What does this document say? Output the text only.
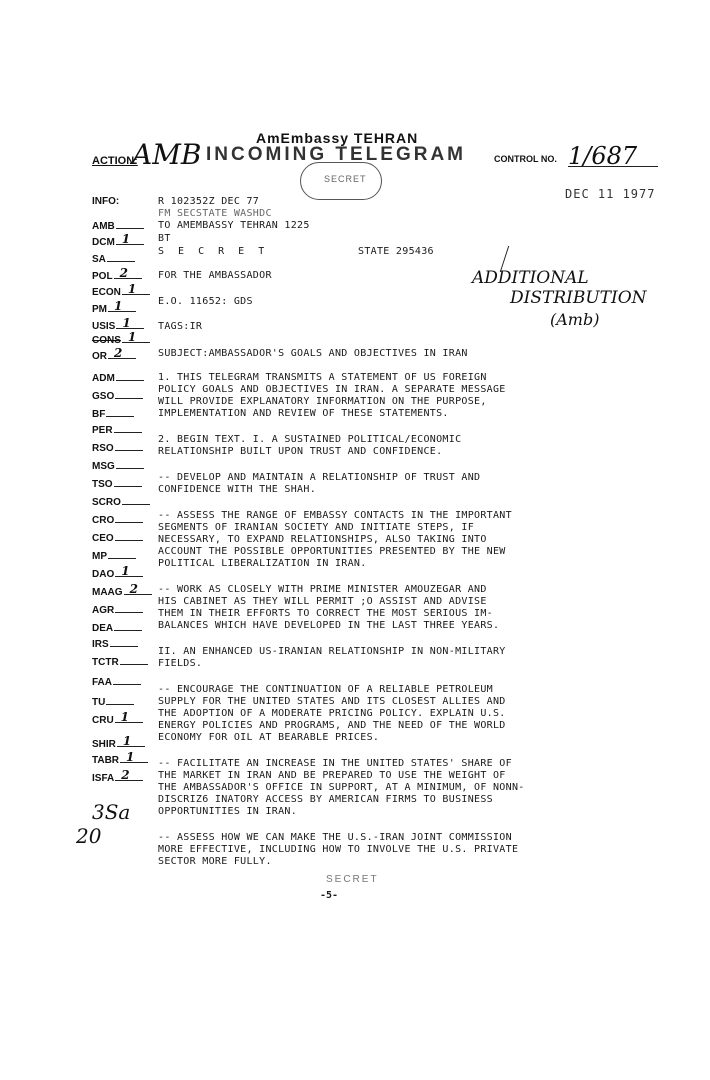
AmEmbassy TEHRAN
INCOMING TELEGRAM
ACTION:
AMB	CONTROL NO. 1/687
DEC 11 1977
SECRET
INFO:
AMB
DCM 1
SA
POL 2
ECON 1
PM 1
USIS 1
CONS 1
OR 2
ADM
GSO
BF
PER
RSO
MSG
TSO
SCRO
CRO
CEO
MP
DAO 1
MAAG 2
AGR
DEA
IRS
TCTR
FAA
TU
CRU 1
SHIR 1
TABR 1
ISFA 2
R 102352Z DEC 77
FM SECSTATE WASHDC
TO AMEMBASSY TEHRAN 1225
BT
S E C R E T	STATE 295436
FOR THE AMBASSADOR
E.O. 11652: GDS
TAGS:IR
SUBJECT:AMBASSADOR'S GOALS AND OBJECTIVES IN IRAN
ADDITIONAL
DISTRIBUTION
(Amb)
1. THIS TELEGRAM TRANSMITS A STATEMENT OF US FOREIGN
POLICY GOALS AND OBJECTIVES IN IRAN. A SEPARATE MESSAGE
WILL PROVIDE EXPLANATORY INFORMATION ON THE PURPOSE,
IMPLEMENTATION AND REVIEW OF THESE STATEMENTS.
2. BEGIN TEXT. I. A SUSTAINED POLITICAL/ECONOMIC
RELATIONSHIP BUILT UPON TRUST AND CONFIDENCE.
-- DEVELOP AND MAINTAIN A RELATIONSHIP OF TRUST AND
CONFIDENCE WITH THE SHAH.
-- ASSESS THE RANGE OF EMBASSY CONTACTS IN THE IMPORTANT
SEGMENTS OF IRANIAN SOCIETY AND INITIATE STEPS, IF
NECESSARY, TO EXPAND RELATIONSHIPS, ALSO TAKING INTO
ACCOUNT THE POSSIBLE OPPORTUNITIES PRESENTED BY THE NEW
POLITICAL LIBERALIZATION IN IRAN.
-- WORK AS CLOSELY WITH PRIME MINISTER AMOUZEGAR AND
HIS CABINET AS THEY WILL PERMIT ;O ASSIST AND ADVISE
THEM IN THEIR EFFORTS TO CORRECT THE MOST SERIOUS IM-
BALANCES WHICH HAVE DEVELOPED IN THE LAST THREE YEARS.
II. AN ENHANCED US-IRANIAN RELATIONSHIP IN NON-MILITARY
FIELDS.
-- ENCOURAGE THE CONTINUATION OF A RELIABLE PETROLEUM
SUPPLY FOR THE UNITED STATES AND ITS CLOSEST ALLIES AND
THE ADOPTION OF A MODERATE PRICING POLICY. EXPLAIN U.S.
ENERGY POLICIES AND PROGRAMS, AND THE NEED OF THE WORLD
ECONOMY FOR OIL AT BEARABLE PRICES.
-- FACILITATE AN INCREASE IN THE UNITED STATES' SHARE OF
THE MARKET IN IRAN AND BE PREPARED TO USE THE WEIGHT OF
THE AMBASSADOR'S OFFICE IN SUPPORT, AT A MINIMUM, OF NONN-
DISCRIZ6 INATORY ACCESS BY AMERICAN FIRMS TO BUSINESS
OPPORTUNITIES IN IRAN.
-- ASSESS HOW WE CAN MAKE THE U.S.-IRAN JOINT COMMISSION
MORE EFFECTIVE, INCLUDING HOW TO INVOLVE THE U.S. PRIVATE
SECTOR MORE FULLY.
3Sa
20
SECRET
-5-
